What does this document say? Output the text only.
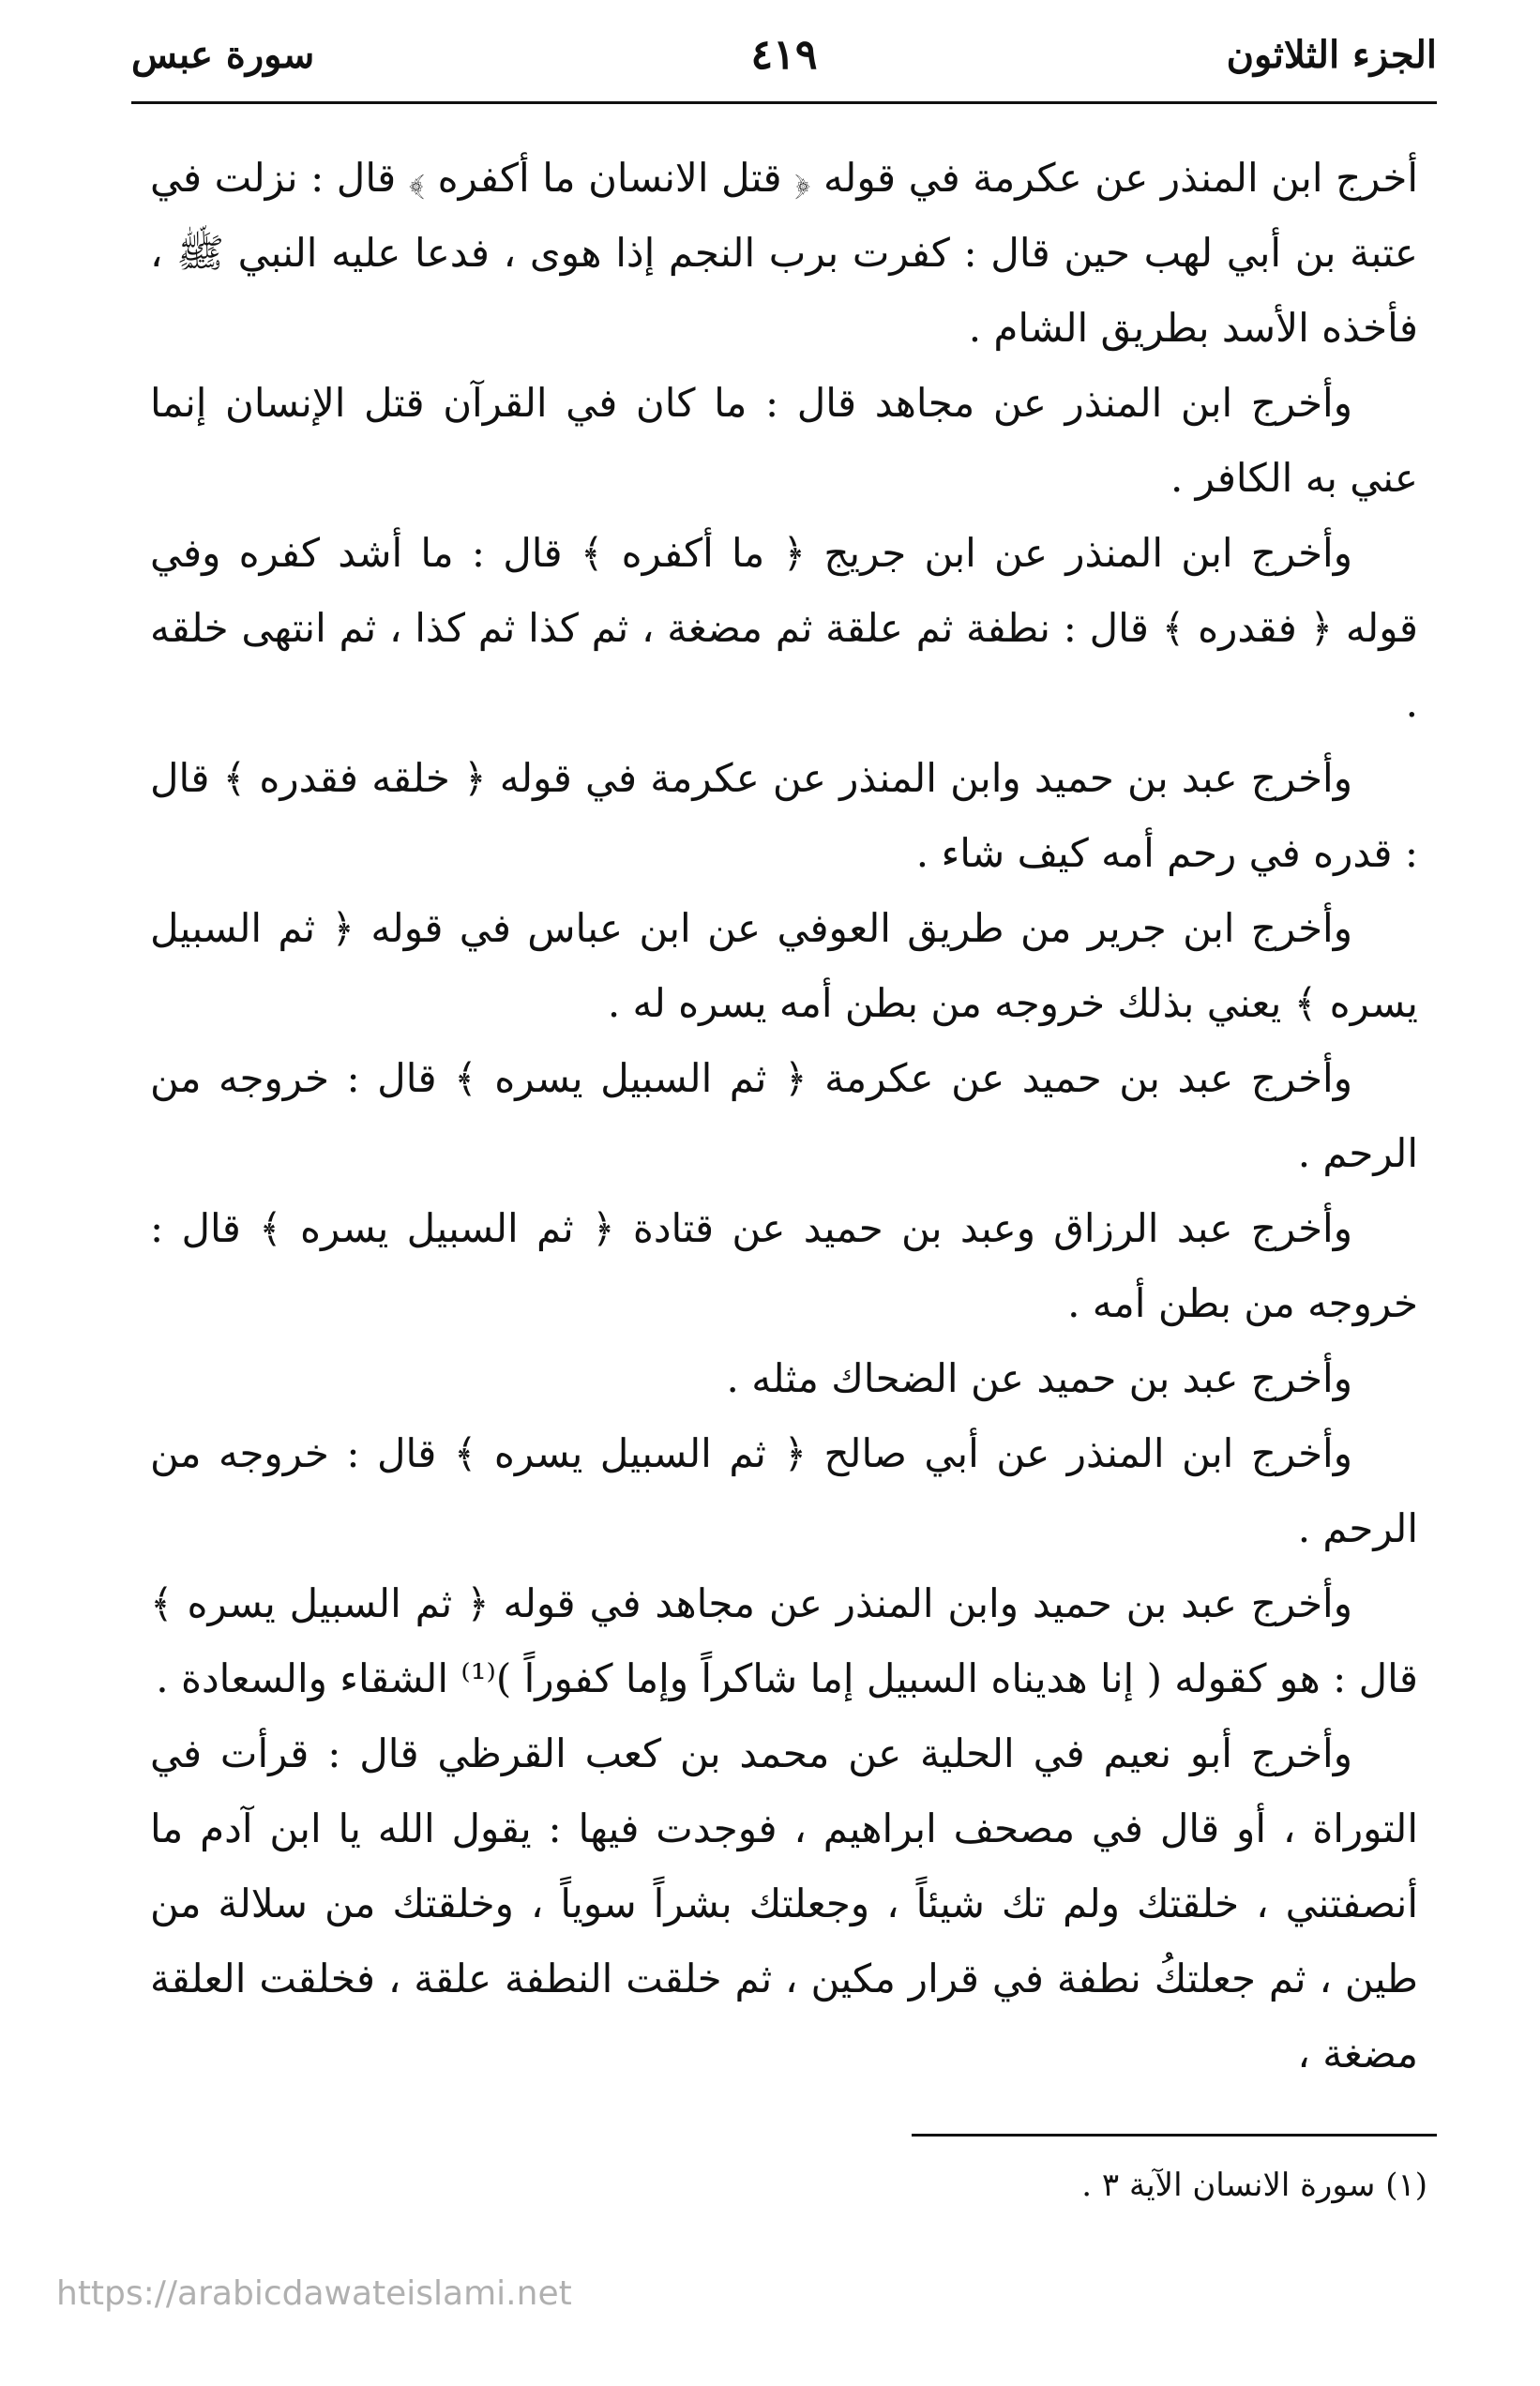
الجزء الثلاثون
٤١٩
سورة عبس

أخرج ابن المنذر عن عكرمة في قوله ﴿ قتل الانسان ما أكفره ﴾ قال : نزلت في عتبة بن أبي لهب حين قال : كفرت برب النجم إذا هوى ، فدعا عليه النبي ﷺ ، فأخذه الأسد بطريق الشام .

وأخرج ابن المنذر عن مجاهد قال : ما كان في القرآن قتل الإنسان إنما عني به الكافر .

وأخرج ابن المنذر عن ابن جريج ﴿ ما أكفره ﴾ قال : ما أشد كفره وفي قوله ﴿ فقدره ﴾ قال : نطفة ثم علقة ثم مضغة ، ثم كذا ثم كذا ، ثم انتهى خلقه .

وأخرج عبد بن حميد وابن المنذر عن عكرمة في قوله ﴿ خلقه فقدره ﴾ قال : قدره في رحم أمه كيف شاء .

وأخرج ابن جرير من طريق العوفي عن ابن عباس في قوله ﴿ ثم السبيل يسره ﴾ يعني بذلك خروجه من بطن أمه يسره له .

وأخرج عبد بن حميد عن عكرمة ﴿ ثم السبيل يسره ﴾ قال : خروجه من الرحم .

وأخرج عبد الرزاق وعبد بن حميد عن قتادة ﴿ ثم السبيل يسره ﴾ قال : خروجه من بطن أمه .

وأخرج عبد بن حميد عن الضحاك مثله .

وأخرج ابن المنذر عن أبي صالح ﴿ ثم السبيل يسره ﴾ قال : خروجه من الرحم .

وأخرج عبد بن حميد وابن المنذر عن مجاهد في قوله ﴿ ثم السبيل يسره ﴾ قال : هو كقوله ( إنا هديناه السبيل إما شاكراً وإما كفوراً )⁽¹⁾ الشقاء والسعادة .

وأخرج أبو نعيم في الحلية عن محمد بن كعب القرظي قال : قرأت في التوراة ، أو قال في مصحف ابراهيم ، فوجدت فيها : يقول الله يا ابن آدم ما أنصفتني ، خلقتك ولم تك شيئاً ، وجعلتك بشراً سوياً ، وخلقتك من سلالة من طين ، ثم جعلتكُ نطفة في قرار مكين ، ثم خلقت النطفة علقة ، فخلقت العلقة مضغة ،

(١) سورة الانسان الآية ٣ .
https://arabicdawateislami.net
